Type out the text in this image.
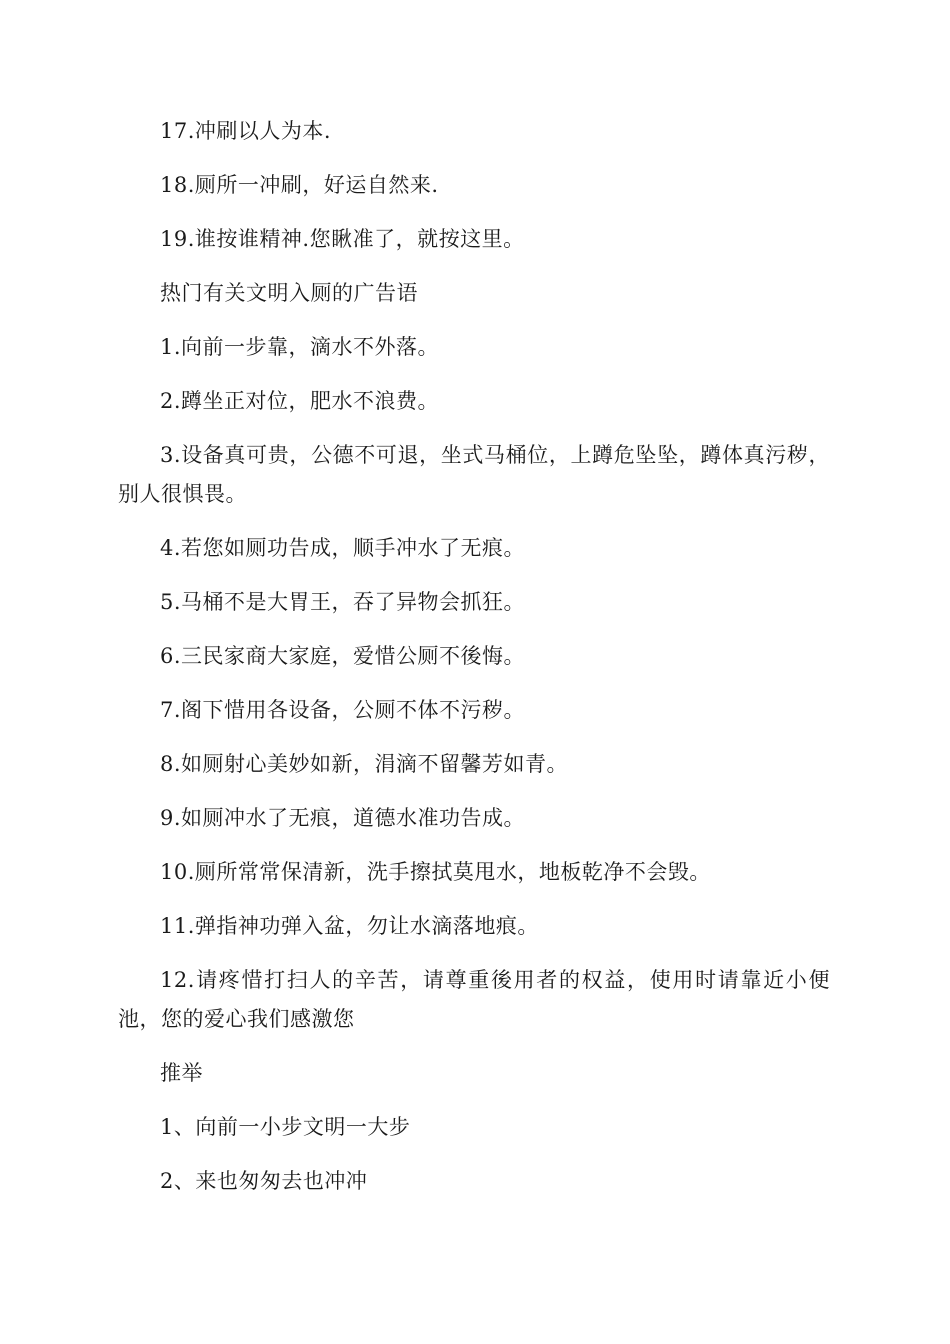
17.冲刷以人为本.

18.厕所一冲刷，好运自然来.

19.谁按谁精神.您瞅准了，就按这里。

热门有关文明入厕的广告语

1.向前一步靠，滴水不外落。

2.蹲坐正对位，肥水不浪费。

3.设备真可贵，公德不可退，坐式马桶位，上蹲危坠坠，蹲体真污秽，别人很惧畏。

4.若您如厕功告成，顺手冲水了无痕。

5.马桶不是大胃王，吞了异物会抓狂。

6.三民家商大家庭，爱惜公厕不後悔。

7.阁下惜用各设备，公厕不体不污秽。

8.如厕射心美妙如新，涓滴不留馨芳如青。

9.如厕冲水了无痕，道德水准功告成。

10.厕所常常保清新，洗手擦拭莫甩水，地板乾净不会毁。

11.弹指神功弹入盆，勿让水滴落地痕。

12.请疼惜打扫人的辛苦，请尊重後用者的权益，使用时请靠近小便池，您的爱心我们感激您

推举

1、向前一小步文明一大步

2、来也匆匆去也冲冲
